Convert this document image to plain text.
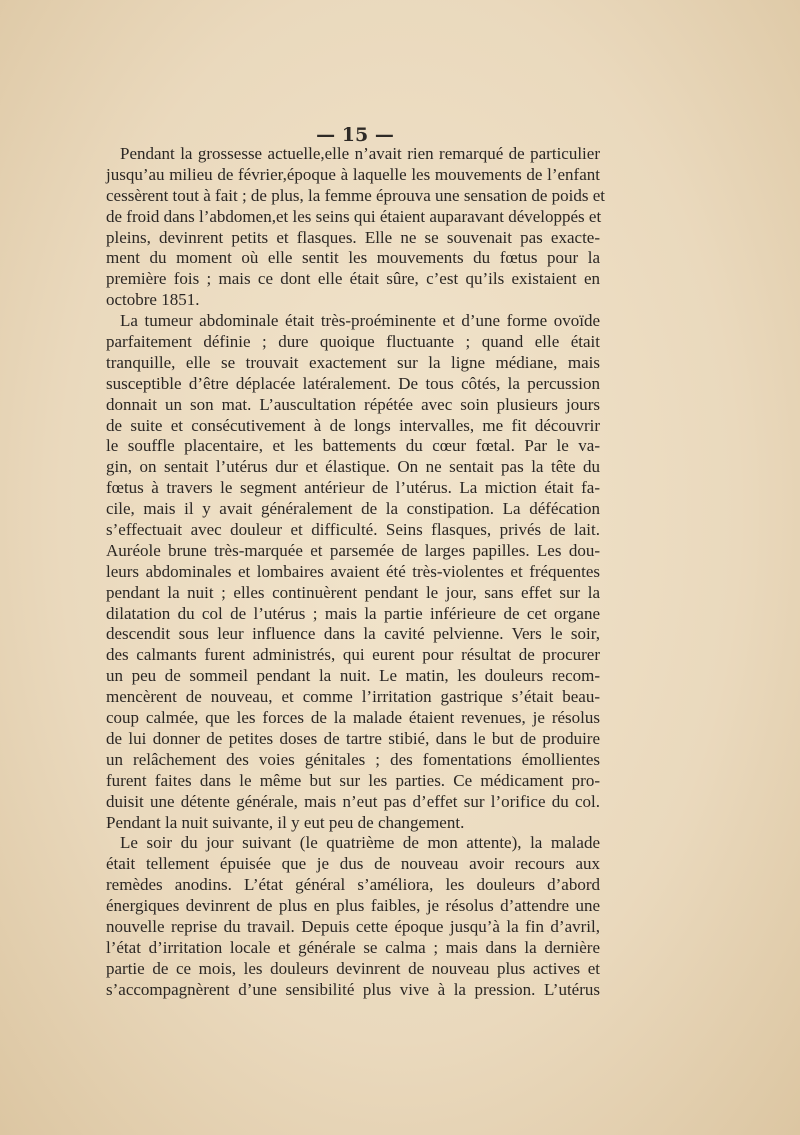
— 15 —
Pendant la grossesse actuelle,elle n’avait rien remarqué de particulier
jusqu’au milieu de février,époque à laquelle les mouvements de l’enfant
cessèrent tout à fait ; de plus, la femme éprouva une sensation de poids et
de froid dans l’abdomen,et les seins qui étaient auparavant développés et
pleins, devinrent petits et flasques. Elle ne se souvenait pas exacte-
ment du moment où elle sentit les mouvements du fœtus pour la
première fois ; mais ce dont elle était sûre, c’est qu’ils existaient en
octobre 1851.
La tumeur abdominale était très-proéminente et d’une forme ovoïde
parfaitement définie ; dure quoique fluctuante ; quand elle était
tranquille, elle se trouvait exactement sur la ligne médiane, mais
susceptible d’être déplacée latéralement. De tous côtés, la percussion
donnait un son mat. L’auscultation répétée avec soin plusieurs jours
de suite et consécutivement à de longs intervalles, me fit découvrir
le souffle placentaire, et les battements du cœur fœtal. Par le va-
gin, on sentait l’utérus dur et élastique. On ne sentait pas la tête du
fœtus à travers le segment antérieur de l’utérus. La miction était fa-
cile, mais il y avait généralement de la constipation. La défécation
s’effectuait avec douleur et difficulté. Seins flasques, privés de lait.
Auréole brune très-marquée et parsemée de larges papilles. Les dou-
leurs abdominales et lombaires avaient été très-violentes et fréquentes
pendant la nuit ; elles continuèrent pendant le jour, sans effet sur la
dilatation du col de l’utérus ; mais la partie inférieure de cet organe
descendit sous leur influence dans la cavité pelvienne. Vers le soir,
des calmants furent administrés, qui eurent pour résultat de procurer
un peu de sommeil pendant la nuit. Le matin, les douleurs recom-
mencèrent de nouveau, et comme l’irritation gastrique s’était beau-
coup calmée, que les forces de la malade étaient revenues, je résolus
de lui donner de petites doses de tartre stibié, dans le but de produire
un relâchement des voies génitales ; des fomentations émollientes
furent faites dans le même but sur les parties. Ce médicament pro-
duisit une détente générale, mais n’eut pas d’effet sur l’orifice du col.
Pendant la nuit suivante, il y eut peu de changement.
Le soir du jour suivant (le quatrième de mon attente), la malade
était tellement épuisée que je dus de nouveau avoir recours aux
remèdes anodins. L’état général s’améliora, les douleurs d’abord
énergiques devinrent de plus en plus faibles, je résolus d’attendre une
nouvelle reprise du travail. Depuis cette époque jusqu’à la fin d’avril,
l’état d’irritation locale et générale se calma ; mais dans la dernière
partie de ce mois, les douleurs devinrent de nouveau plus actives et
s’accompagnèrent d’une sensibilité plus vive à la pression. L’utérus
